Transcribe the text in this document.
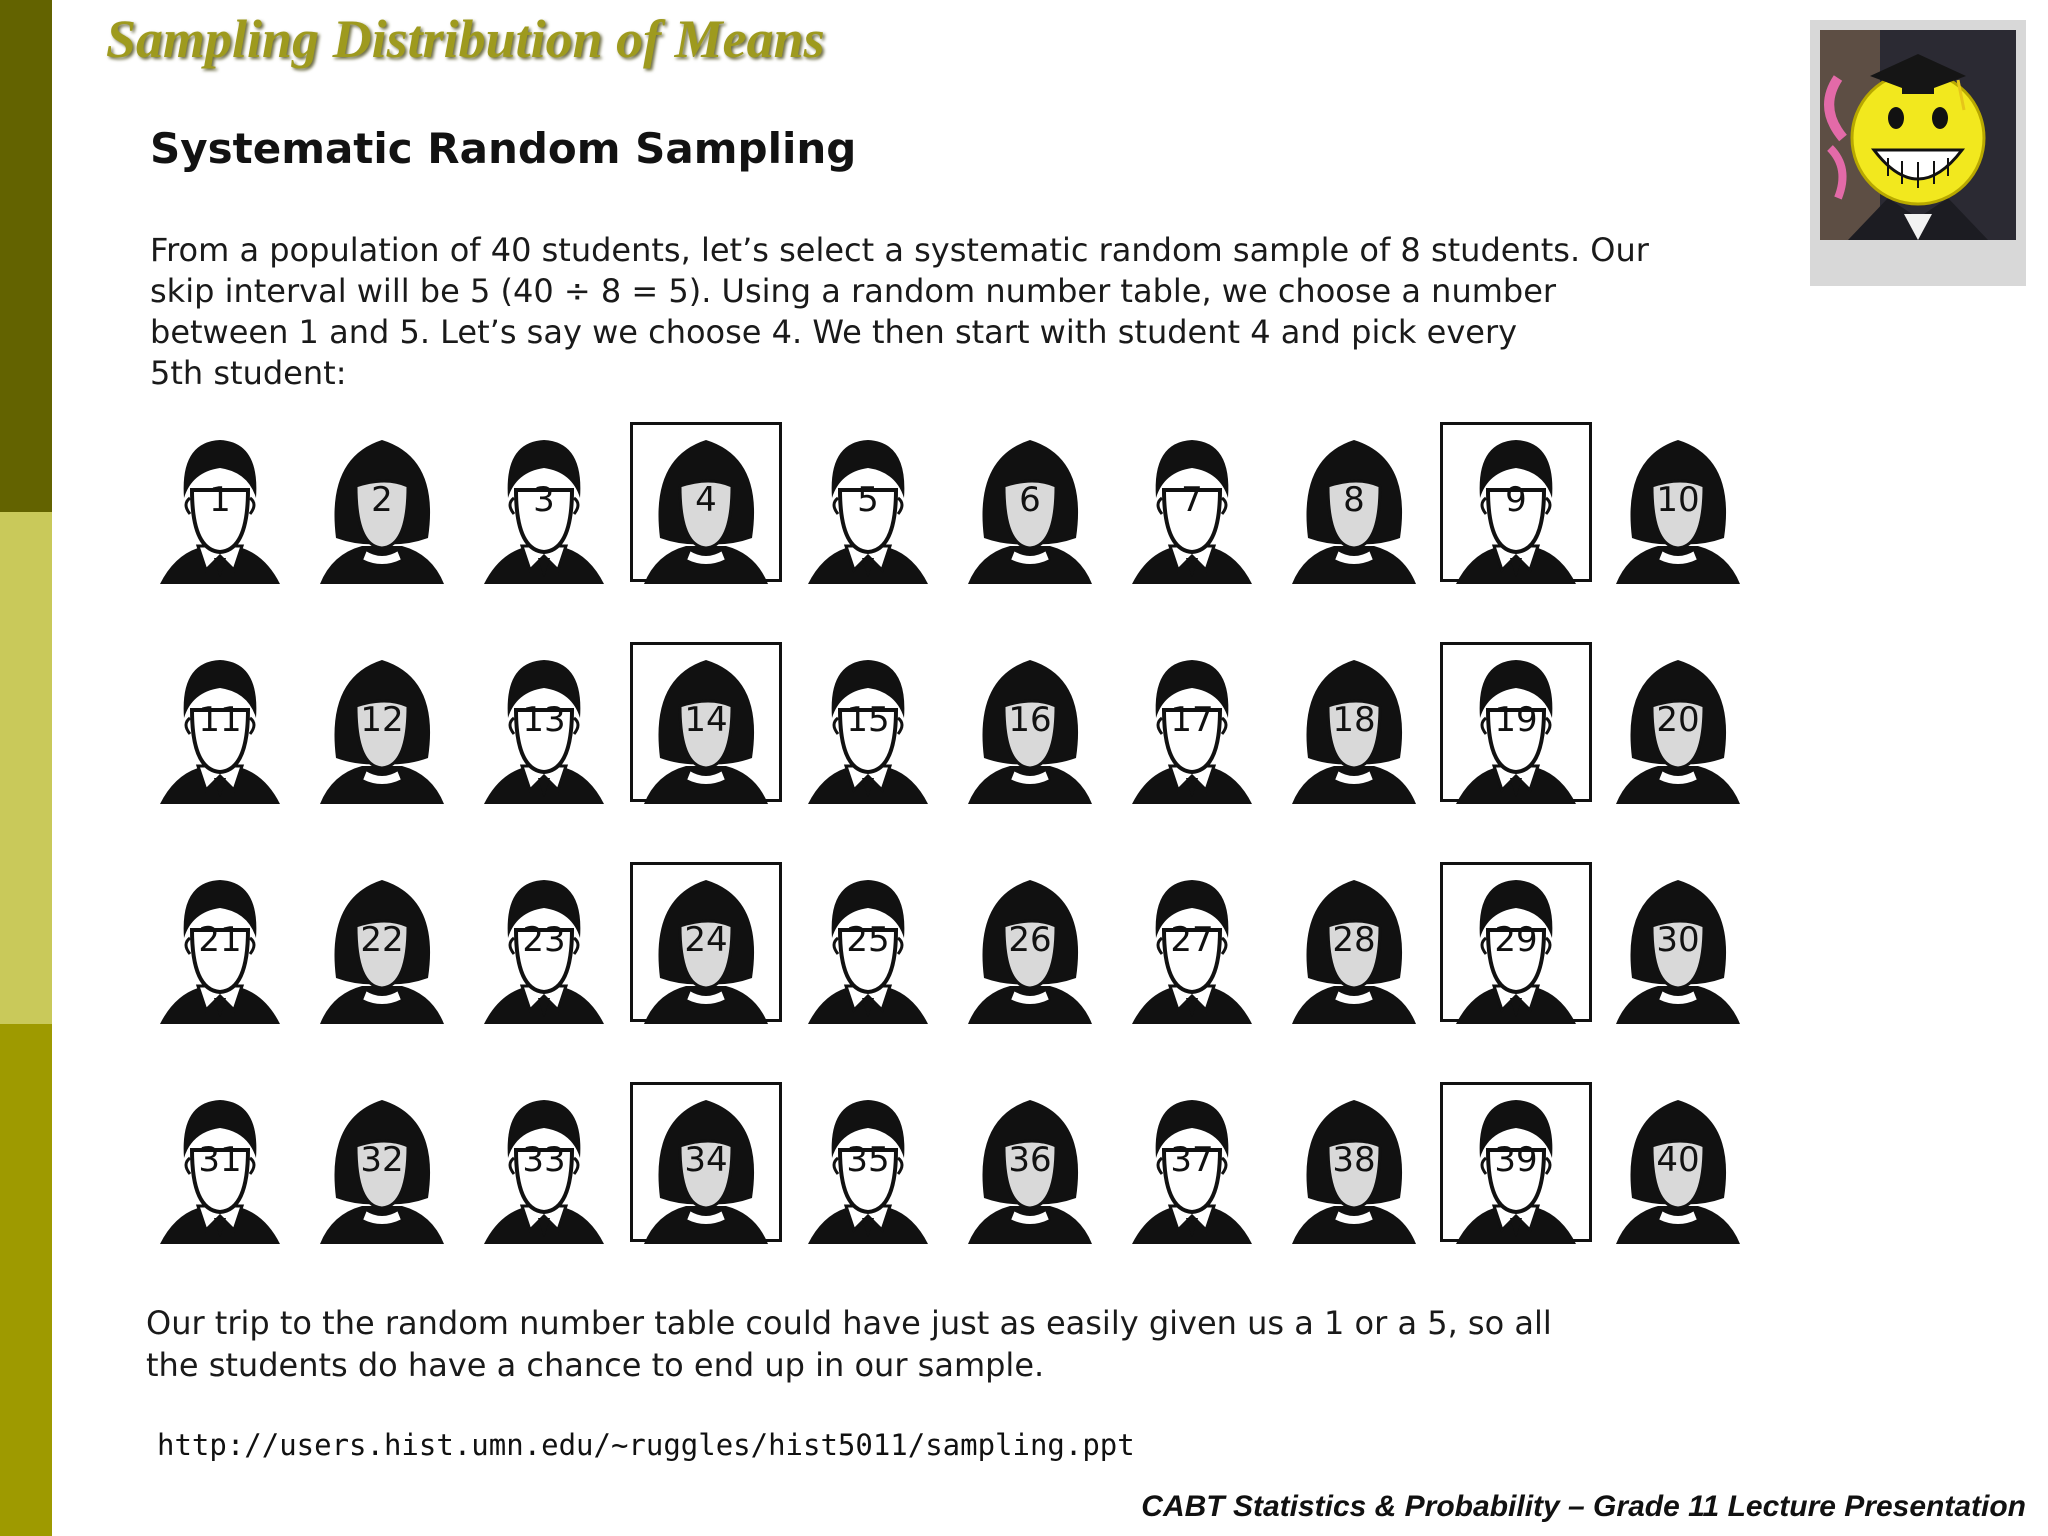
Sampling Distribution of Means
Systematic Random Sampling

From a population of 40 students, let’s select a systematic random sample of 8 students. Our
skip interval will be 5 (40 ÷ 8 = 5). Using a random number table, we choose a number
between 1 and 5. Let’s say we choose 4. We then start with student 4 and pick every
5th student:

1	2	3	4	5	6	7	8	9	10
11	12	13	14	15	16	17	18	19	20
21	22	23	24	25	26	27	28	29	30
31	32	33	34	35	36	37	38	39	40

Our trip to the random number table could have just as easily given us a 1 or a 5, so all
the students do have a chance to end up in our sample.

http://users.hist.umn.edu/~ruggles/hist5011/sampling.ppt
CABT Statistics & Probability – Grade 11 Lecture Presentation
